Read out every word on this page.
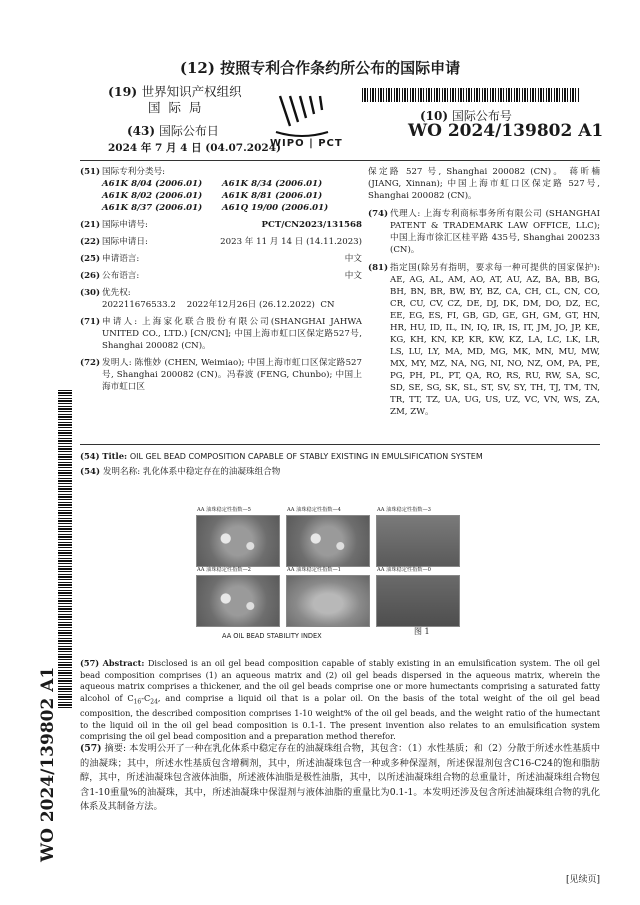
(12) 按照专利合作条约所公布的国际申请
(19) 世界知识产权组织
国 际 局
(43) 国际公布日
2024 年 7 月 4 日 (04.07.2024)
WIPO | PCT
(10) 国际公布号
WO 2024/139802 A1
(51) 国际专利分类号:
A61K 8/04 (2006.01)	A61K 8/34 (2006.01)
A61K 8/02 (2006.01)	A61K 8/81 (2006.01)
A61K 8/37 (2006.01)	A61Q 19/00 (2006.01)
(21) 国际申请号:	PCT/CN2023/131568
(22) 国际申请日:	2023 年 11 月 14 日 (14.11.2023)
(25) 申请语言:	中文
(26) 公布语言:	中文
(30) 优先权:
202211676533.2    2022年12月26日 (26.12.2022)  CN
(71) 申请人: 上海家化联合股份有限公司(SHANGHAI JAHWA UNITED CO., LTD.) [CN/CN]; 中国上海市虹口区保定路527号, Shanghai 200082 (CN)。
(72) 发明人: 陈惟妙 (CHEN, Weimiao); 中国上海市虹口区保定路527号, Shanghai 200082 (CN)。冯春波 (FENG, Chunbo); 中国上海市虹口区
保定路 527 号, Shanghai 200082 (CN)。 蒋昕楠 (JIANG, Xinnan); 中国上海市虹口区保定路 527号, Shanghai 200082 (CN)。
(74) 代理人: 上海专利商标事务所有限公司 (SHANGHAI PATENT & TRADEMARK LAW OFFICE, LLC); 中国上海市徐汇区桂平路 435号, Shanghai 200233 (CN)。
(81) 指定国(除另有指明，要求每一种可提供的国家保护): AE, AG, AL, AM, AO, AT, AU, AZ, BA, BB, BG, BH, BN, BR, BW, BY, BZ, CA, CH, CL, CN, CO, CR, CU, CV, CZ, DE, DJ, DK, DM, DO, DZ, EC, EE, EG, ES, FI, GB, GD, GE, GH, GM, GT, HN, HR, HU, ID, IL, IN, IQ, IR, IS, IT, JM, JO, JP, KE, KG, KH, KN, KP, KR, KW, KZ, LA, LC, LK, LR, LS, LU, LY, MA, MD, MG, MK, MN, MU, MW, MX, MY, MZ, NA, NG, NI, NO, NZ, OM, PA, PE, PG, PH, PL, PT, QA, RO, RS, RU, RW, SA, SC, SD, SE, SG, SK, SL, ST, SV, SY, TH, TJ, TM, TN, TR, TT, TZ, UA, UG, US, UZ, VC, VN, WS, ZA, ZM, ZW。
(54) Title: OIL GEL BEAD COMPOSITION CAPABLE OF STABLY EXISTING IN EMULSIFICATION SYSTEM
(54) 发明名称: 乳化体系中稳定存在的油凝珠组合物
AA 油珠稳定性指数—5	AA 油珠稳定性指数—4	AA 油珠稳定性指数—3
AA 油珠稳定性指数—2	AA 油珠稳定性指数—1	AA 油珠稳定性指数—0
AA OIL BEAD STABILITY INDEX	图 1
(57) Abstract: Disclosed is an oil gel bead composition capable of stably existing in an emulsification system. The oil gel bead composition comprises (1) an aqueous matrix and (2) oil gel beads dispersed in the aqueous matrix, wherein the aqueous matrix comprises a thickener, and the oil gel beads comprise one or more humectants comprising a saturated fatty alcohol of $C_{16}-C_{24}$, and comprise a liquid oil that is a polar oil. On the basis of the total weight of the oil gel bead composition, the described composition comprises 1-10 weight% of the oil gel beads, and the weight ratio of the humectant to the liquid oil in the oil gel bead composition is 0.1-1. The present invention also relates to an emulsification system comprising the oil gel bead composition and a preparation method therefor.
(57) 摘要: 本发明公开了一种在乳化体系中稳定存在的油凝珠组合物，其包含：（1）水性基质；和（2）分散于所述水性基质中的油凝珠；其中，所述水性基质包含增稠剂，其中，所述油凝珠包含一种或多种保湿剂，所述保湿剂包含C16-C24的饱和脂肪醇，其中，所述油凝珠包含液体油脂，所述液体油脂是极性油脂，其中，以所述油凝珠组合物的总重量计，所述油凝珠组合物包含1-10重量%的油凝珠，其中，所述油凝珠中保湿剂与液体油脂的重量比为0.1-1。本发明还涉及包含所述油凝珠组合物的乳化体系及其制备方法。
WO 2024/139802 A1
[见续页]
